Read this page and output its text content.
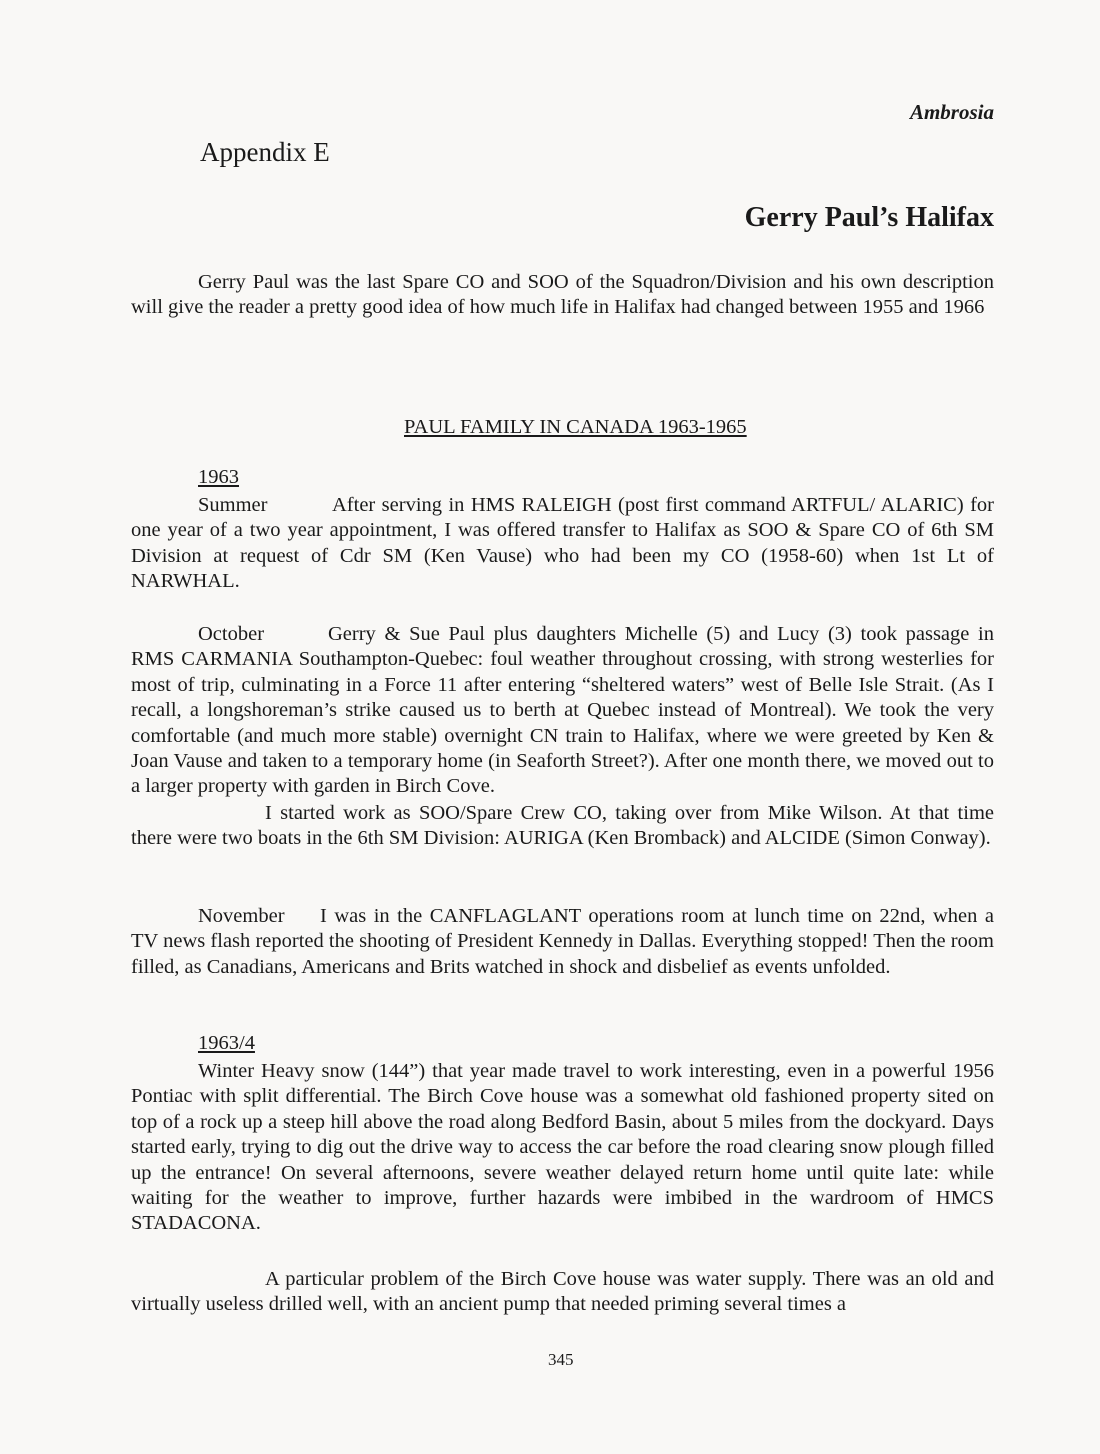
Ambrosia
Appendix E
Gerry Paul’s Halifax
Gerry Paul was the last Spare CO and SOO of the Squadron/Division and his own description will give the reader a pretty good idea of how much life in Halifax had changed between 1955 and 1966
PAUL FAMILY IN CANADA 1963-1965
1963
Summer	After serving in HMS RALEIGH (post first command ARTFUL/ ALARIC) for one year of a two year appointment, I was offered transfer to Halifax as SOO & Spare CO of 6th SM Division at request of Cdr SM (Ken Vause) who had been my CO (1958-60) when 1st Lt of NARWHAL.
October	Gerry & Sue Paul plus daughters Michelle (5) and Lucy (3) took passage in RMS CARMANIA Southampton-Quebec: foul weather throughout crossing, with strong westerlies for most of trip, culminating in a Force 11 after entering “sheltered waters” west of Belle Isle Strait. (As I recall, a longshoreman’s strike caused us to berth at Quebec instead of Montreal). We took the very comfortable (and much more stable) overnight CN train to Halifax, where we were greeted by Ken & Joan Vause and taken to a temporary home (in Seaforth Street?). After one month there, we moved out to a larger property with garden in Birch Cove.
I started work as SOO/Spare Crew CO, taking over from Mike Wilson. At that time there were two boats in the 6th SM Division: AURIGA (Ken Bromback) and ALCIDE (Simon Conway).
November I was in the CANFLAGLANT operations room at lunch time on 22nd, when a TV news flash reported the shooting of President Kennedy in Dallas. Everything stopped! Then the room filled, as Canadians, Americans and Brits watched in shock and disbelief as events unfolded.
1963/4
Winter Heavy snow (144”) that year made travel to work interesting, even in a powerful 1956 Pontiac with split differential. The Birch Cove house was a somewhat old fashioned property sited on top of a rock up a steep hill above the road along Bedford Basin, about 5 miles from the dockyard. Days started early, trying to dig out the drive way to access the car before the road clearing snow plough filled up the entrance! On several afternoons, severe weather delayed return home until quite late: while waiting for the weather to improve, further hazards were imbibed in the wardroom of HMCS STADACONA.
A particular problem of the Birch Cove house was water supply. There was an old and virtually useless drilled well, with an ancient pump that needed priming several times a
345
